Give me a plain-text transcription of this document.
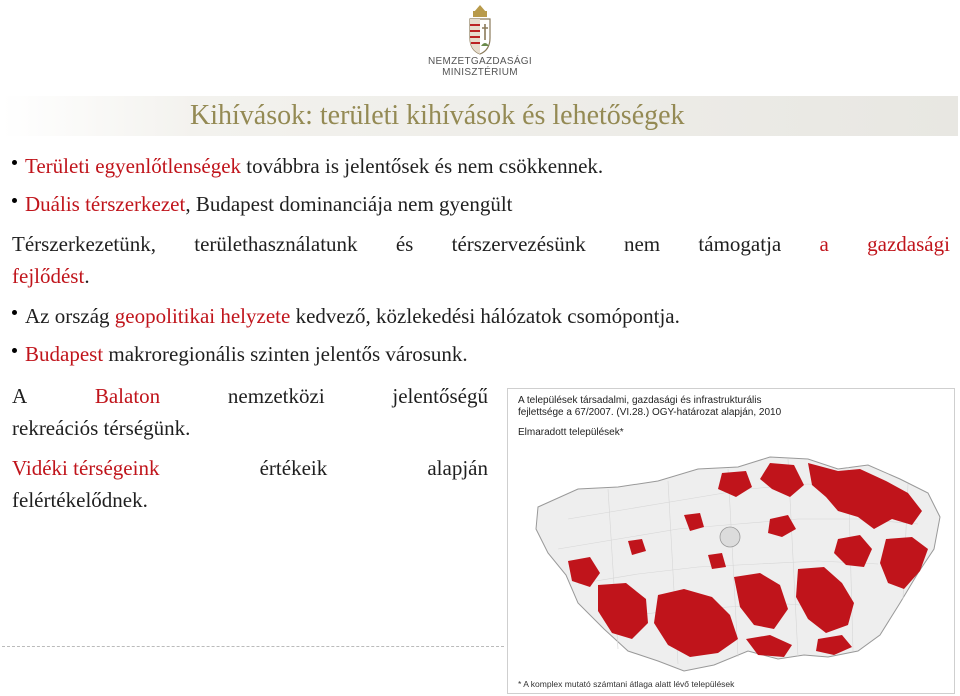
NEMZETGAZDASÁGI
MINISZTÉRIUM
Kihívások: területi kihívások és lehetőségek
Területi egyenlőtlenségek továbbra is jelentősek és nem csökkennek.
Duális térszerkezet, Budapest dominanciája nem gyengült
Térszerkezetünk, területhasználatunk és térszervezésünk nem támogatja a gazdasági
fejlődést.
Az ország geopolitikai helyzete kedvező, közlekedési hálózatok csomópontja.
Budapest makroregionális szinten jelentős városunk.
A	Balaton	nemzetközi	jelentőségű
rekreációs térségünk.
Vidéki térségeink	értékeik	alapján
felértékelődnek.
A települések társadalmi, gazdasági és infrastrukturális fejlettsége a 67/2007. (VI.28.) OGY-határozat alapján, 2010
Elmaradott települések*
* A komplex mutató számtani átlaga alatt lévő települések
